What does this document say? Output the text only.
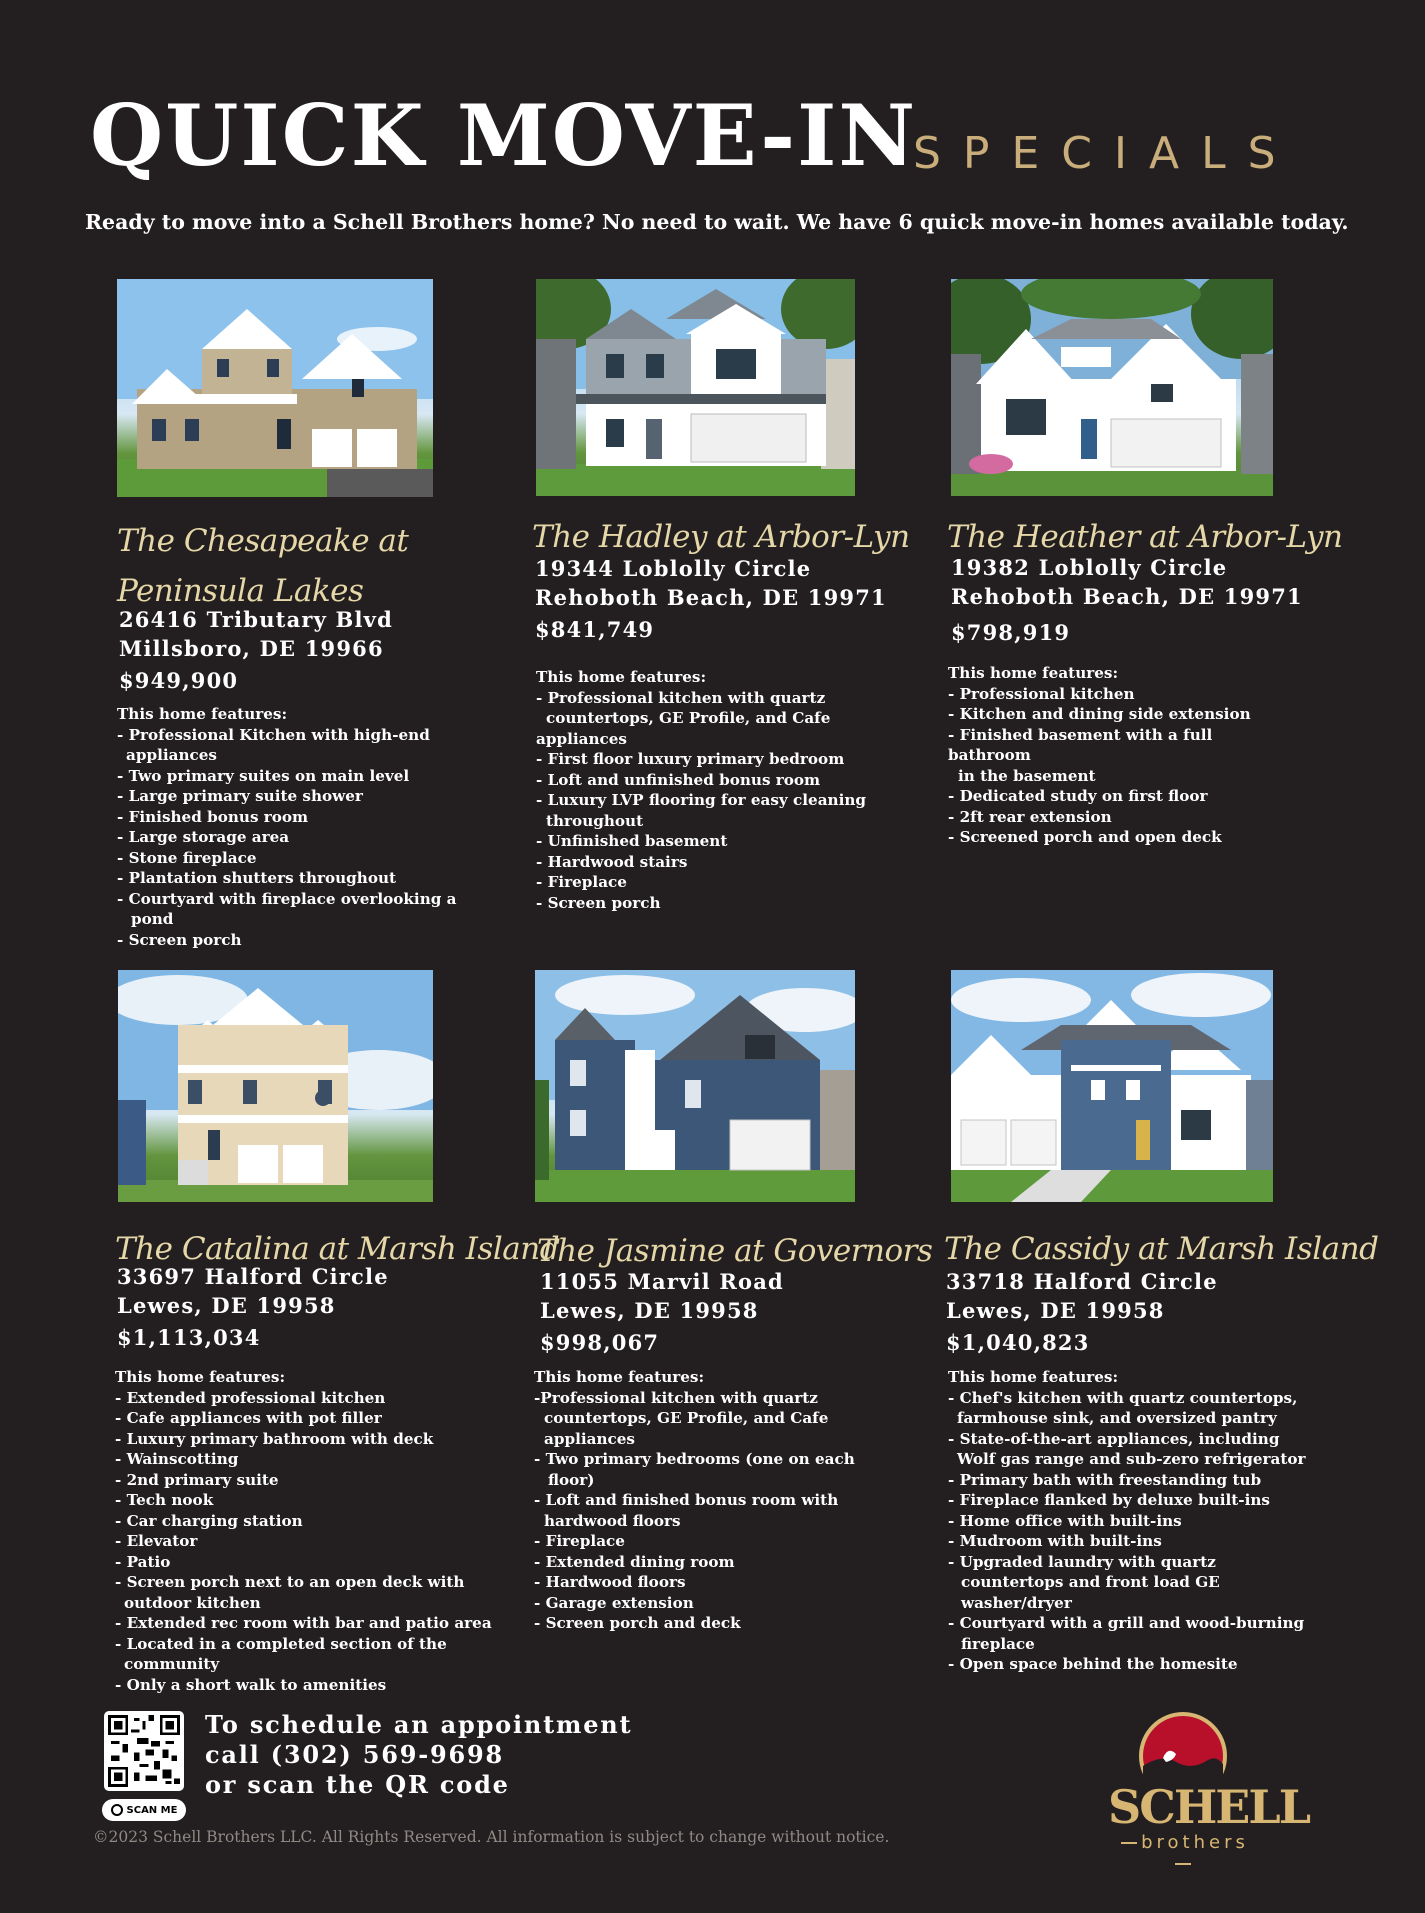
QUICK MOVE-IN
SPECIALS
Ready to move into a Schell Brothers home? No need to wait. We have 6 quick move-in homes available today.
The Chesapeake at
Peninsula Lakes
26416 Tributary Blvd
Millsboro, DE 19966
$949,900
This home features:
- Professional Kitchen with high-end
appliances
- Two primary suites on main level
- Large primary suite shower
- Finished bonus room
- Large storage area
- Stone fireplace
- Plantation shutters throughout
- Courtyard with fireplace overlooking a
pond
- Screen porch
The Hadley at Arbor-Lyn
19344 Loblolly Circle
Rehoboth Beach, DE 19971
$841,749
This home features:
- Professional kitchen with quartz
countertops, GE Profile, and Cafe
appliances
- First floor luxury primary bedroom
- Loft and unfinished bonus room
- Luxury LVP flooring for easy cleaning
throughout
- Unfinished basement
- Hardwood stairs
- Fireplace
- Screen porch
The Heather at Arbor-Lyn
19382 Loblolly Circle
Rehoboth Beach, DE 19971
$798,919
This home features:
- Professional kitchen
- Kitchen and dining side extension
- Finished basement with a full
bathroom
in the basement
- Dedicated study on first floor
- 2ft rear extension
- Screened porch and open deck
The Catalina at Marsh Island
33697 Halford Circle
Lewes, DE 19958
$1,113,034
This home features:
- Extended professional kitchen
- Cafe appliances with pot filler
- Luxury primary bathroom with deck
- Wainscotting
- 2nd primary suite
- Tech nook
- Car charging station
- Elevator
- Patio
- Screen porch next to an open deck with
outdoor kitchen
- Extended rec room with bar and patio area
- Located in a completed section of the
community
- Only a short walk to amenities
The Jasmine at Governors
11055 Marvil Road
Lewes, DE 19958
$998,067
This home features:
-Professional kitchen with quartz
countertops, GE Profile, and Cafe
appliances
- Two primary bedrooms (one on each
floor)
- Loft and finished bonus room with
hardwood floors
- Fireplace
- Extended dining room
- Hardwood floors
- Garage extension
- Screen porch and deck
The Cassidy at Marsh Island
33718 Halford Circle
Lewes, DE 19958
$1,040,823
This home features:
- Chef's kitchen with quartz countertops,
farmhouse sink, and oversized pantry
- State-of-the-art appliances, including
Wolf gas range and sub-zero refrigerator
- Primary bath with freestanding tub
- Fireplace flanked by deluxe built-ins
- Home office with built-ins
- Mudroom with built-ins
- Upgraded laundry with quartz
countertops and front load GE
washer/dryer
- Courtyard with a grill and wood-burning
fireplace
- Open space behind the homesite
SCAN ME
To schedule an appointment
call (302) 569-9698
or scan the QR code
©2023 Schell Brothers LLC. All Rights Reserved. All information is subject to change without notice.
SCHELL
brothers
